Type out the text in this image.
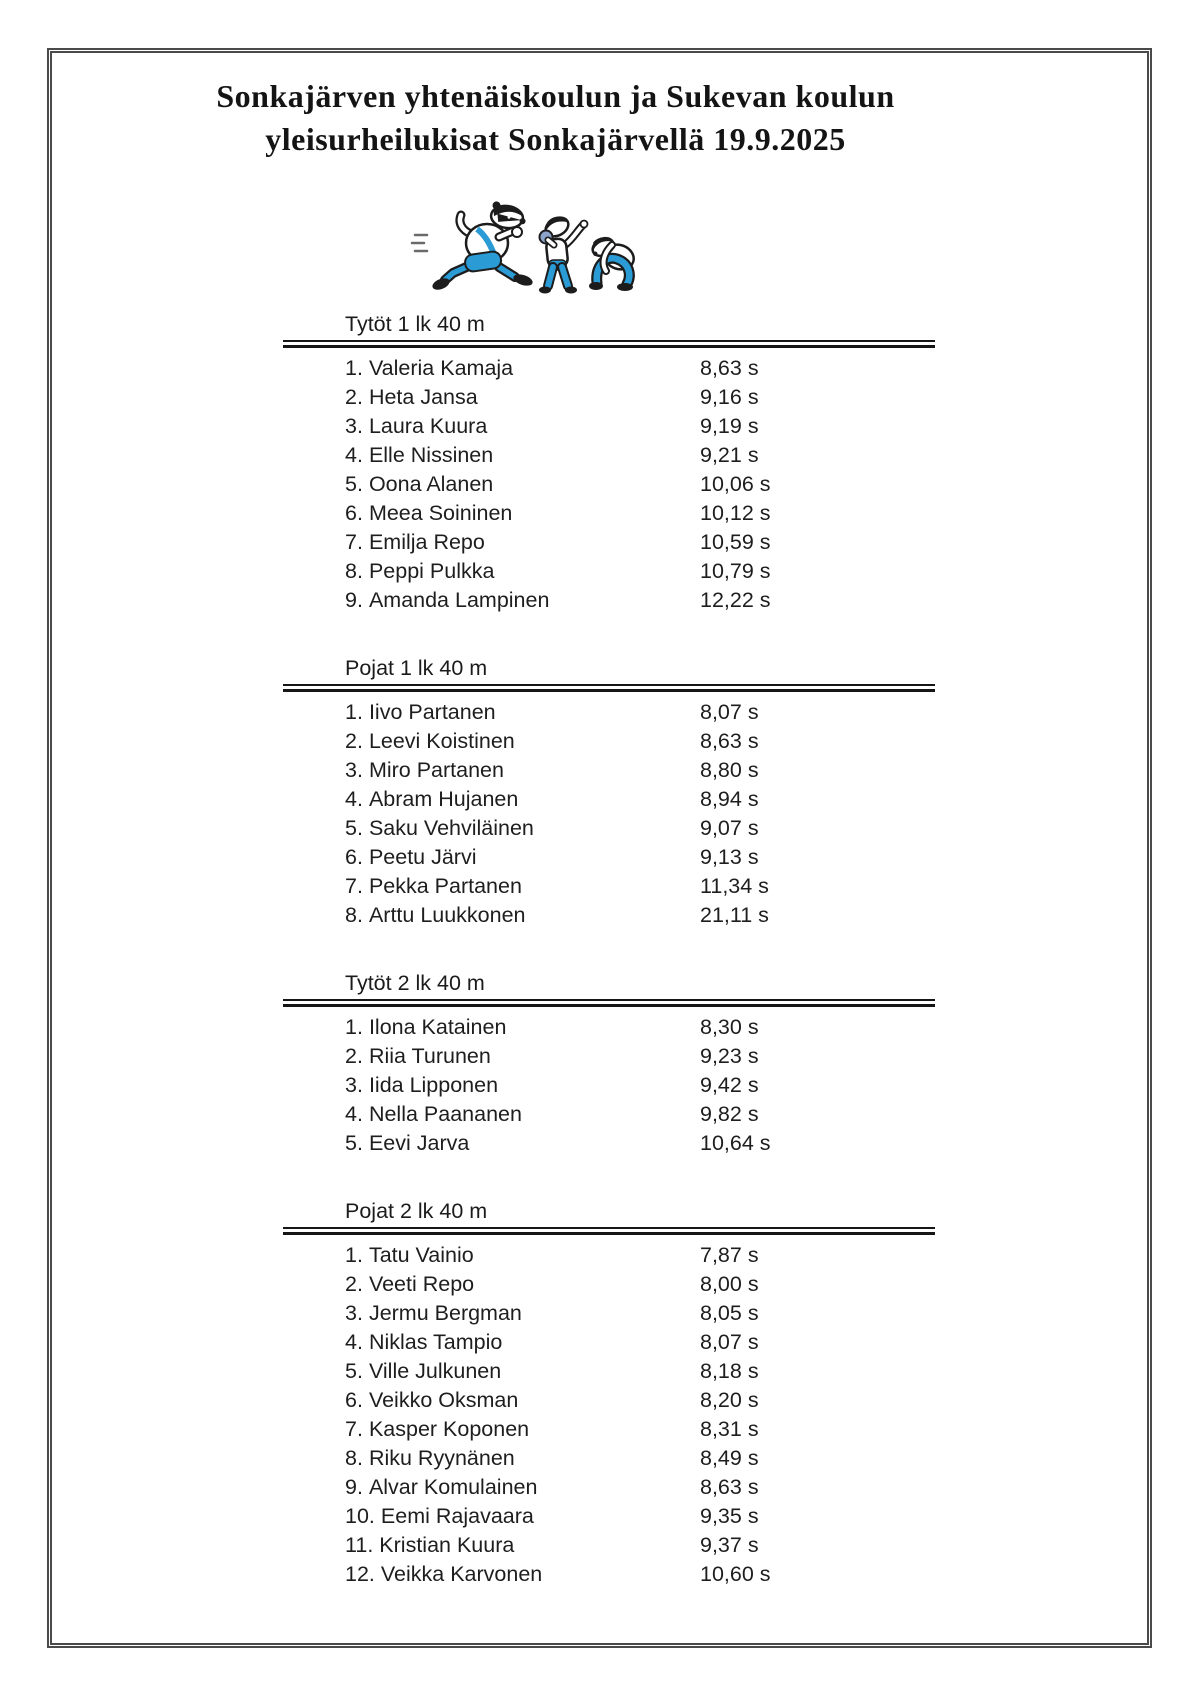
Sonkajärven yhtenäiskoulun ja Sukevan koulun
yleisurheilukisat Sonkajärvellä 19.9.2025
Tytöt 1 lk 40 m
1. Valeria Kamaja	8,63 s
2. Heta Jansa	9,16 s
3. Laura Kuura	9,19 s
4. Elle Nissinen	9,21 s
5. Oona Alanen	10,06 s
6. Meea Soininen	10,12 s
7. Emilja Repo	10,59 s
8. Peppi Pulkka	10,79 s
9. Amanda Lampinen	12,22 s
Pojat 1 lk 40 m
1. Iivo Partanen	8,07 s
2. Leevi Koistinen	8,63 s
3. Miro Partanen	8,80 s
4. Abram Hujanen	8,94 s
5. Saku Vehviläinen	9,07 s
6. Peetu Järvi	9,13 s
7. Pekka Partanen	11,34 s
8. Arttu Luukkonen	21,11 s
Tytöt 2 lk 40 m
1. Ilona Katainen	8,30 s
2. Riia Turunen	9,23 s
3. Iida Lipponen	9,42 s
4. Nella Paananen	9,82 s
5. Eevi Jarva	10,64 s
Pojat 2 lk 40 m
1. Tatu Vainio	7,87 s
2. Veeti Repo	8,00 s
3. Jermu Bergman	8,05 s
4. Niklas Tampio	8,07 s
5. Ville Julkunen	8,18 s
6. Veikko Oksman	8,20 s
7. Kasper Koponen	8,31 s
8. Riku Ryynänen	8,49 s
9. Alvar Komulainen	8,63 s
10. Eemi Rajavaara	9,35 s
11. Kristian Kuura	9,37 s
12. Veikka Karvonen	10,60 s
